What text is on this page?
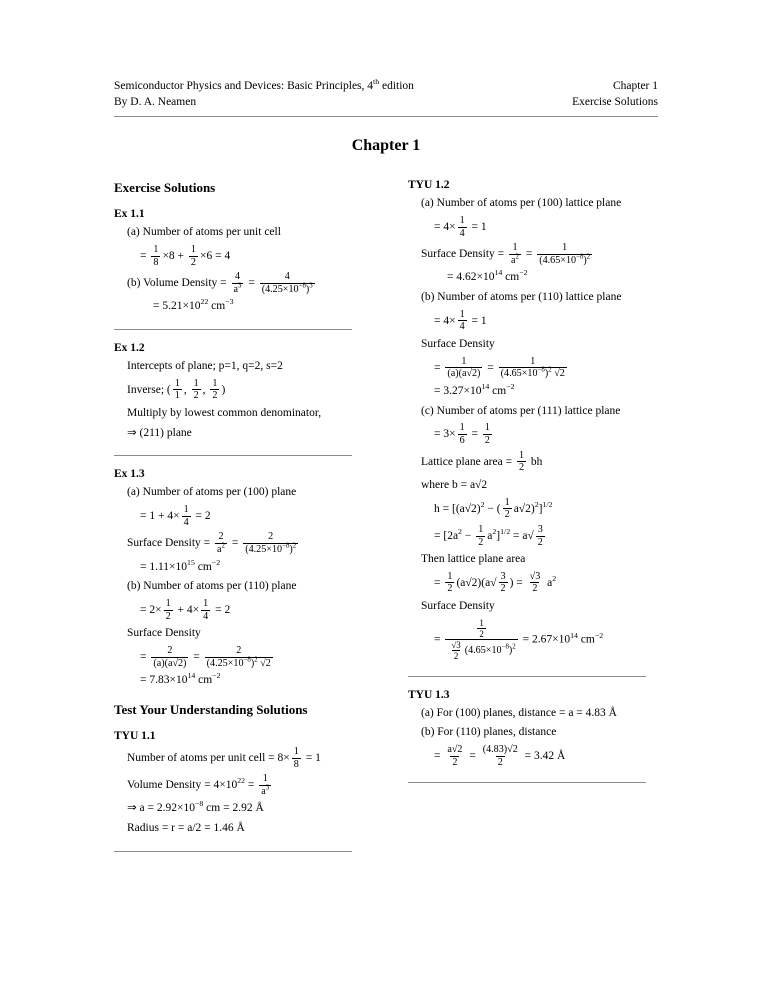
Semiconductor Physics and Devices: Basic Principles, 4th edition
By D. A. Neamen
Chapter 1
Exercise Solutions
Chapter 1
Exercise Solutions
Ex 1.1
(a) Number of atoms per unit cell
= $\frac{1}{8} \times 8 + \frac{1}{2} \times 6 = 4$
(b) Volume Density = $\frac{4}{a^3} = \frac{4}{(4.25\times 10^{-8})^3}$
= $5.21\times 10^{22}$ $cm^{-3}$
Ex 1.2
Intercepts of plane; p=1, q=2, s=2
Inverse; ( $\frac{1}{1}$ , $\frac{1}{2}$ , $\frac{1}{2}$ )
Multiply by lowest common denominator,
⇒ (211) plane
Ex 1.3
(a) Number of atoms per (100) plane
= $1 + 4\times \frac{1}{4} = 2$
Surface Density = $\frac{2}{a^2} = \frac{2}{(4.25\times 10^{-8})^2}$
= $1.11\times 10^{15}$ $cm^{-2}$
(b) Number of atoms per (110) plane
= $2\times \frac{1}{2} + 4\times \frac{1}{4} = 2$
Surface Density
= $\frac{2}{(a)(a√2)} = \frac{2}{(4.25\times 10^{-8})^2 √2}$
= $7.83\times 10^{14}$ $cm^{-2}$
Test Your Understanding Solutions
TYU 1.1
Number of atoms per unit cell = $8\times \frac{1}{8} = 1$
Volume Density = $4\times 10^{22} = \frac{1}{a^3}$
⇒ $a = 2.92\times 10^{-8}$ cm = 2.92 Å
Radius = r = a/2 = 1.46 Å
TYU 1.2
(a) Number of atoms per (100) lattice plane
= $4\times \frac{1}{4} = 1$
Surface Density = $\frac{1}{a^2} = \frac{1}{(4.65\times 10^{-8})^2}$
= $4.62\times 10^{14}$ $cm^{-2}$
(b) Number of atoms per (110) lattice plane
= $4\times \frac{1}{4} = 1$
Surface Density
= $\frac{1}{(a)(a√2)} = \frac{1}{(4.65\times 10^{-8})^2 √2}$
= $3.27\times 10^{14}$ $cm^{-2}$
(c) Number of atoms per (111) lattice plane
= $3\times \frac{1}{6} = \frac{1}{2}$
Lattice plane area = $\frac{1}{2}$ bh
where b = a√2
$h = [(a√2)^2$ − ( $\frac{1}{2} a√2)^2]^{1/2}$
= $[2a^2 - \frac{1}{2} a^2]^{1/2} = a√ \frac{3}{2}$
Then lattice plane area
= $\frac{1}{2} (a√2)(a√ \frac{3}{2}$ ) = $\frac{√3}{2} a^2$
Surface Density
= $\frac{\frac{1}{2}}{\frac{√3}{2} (4.65\times 10^{-8})^2} = 2.67\times 10^{14}$ $cm^{-2}$
TYU 1.3
(a) For (100) planes, distance = a = 4.83 Å
(b) For (110) planes, distance
= $\frac{a√2}{2} = \frac{(4.83)√2}{2} = 3.42$ Å
